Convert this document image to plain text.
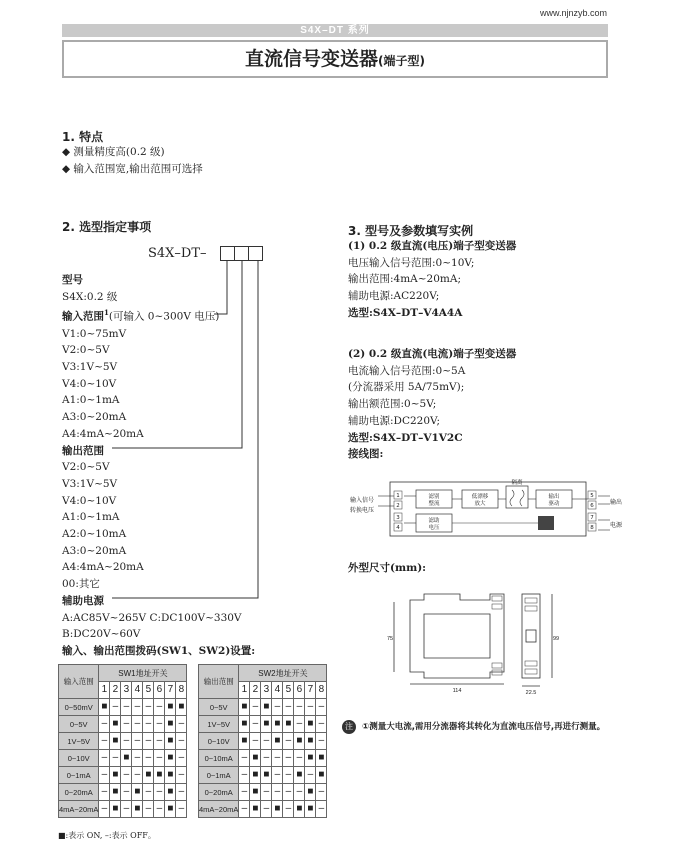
www.njnzyb.com
S4X–DT 系列
直流信号变送器(端子型)
1. 特点
◆ 测量精度高(0.2 级)
◆ 输入范围宽,输出范围可选择
2. 选型指定事项
S4X–DT–
型号
S4X:0.2 级
输入范围$^1$(可输入 0~300V 电压)
V1:0~75mV
V2:0~5V
V3:1V~5V
V4:0~10V
A1:0~1mA
A3:0~20mA
A4:4mA~20mA
输出范围
V2:0~5V
V3:1V~5V
V4:0~10V
A1:0~1mA
A2:0~10mA
A3:0~20mA
A4:4mA~20mA
00:其它
辅助电源
A:AC85V~265V C:DC100V~330V
B:DC20V~60V
输入、输出范围拨码(SW1、SW2)设置:
输入范围	SW1地址开关							
	1	2	3	4	5	6	7	8
0~50mV	■	–	–	–	–	–	■	■
0~5V	–	■	–	–	–	–	■	–
1V~5V	–	■	–	–	–	–	■	–
0~10V	–	–	■	–	–	–	■	–
0~1mA	–	■	–	–	■	■	■	–
0~20mA	–	■	–	■	–	–	■	–
4mA~20mA	–	■	–	■	–	–	■	–
输出范围	SW2地址开关							
	1	2	3	4	5	6	7	8
0~5V	■	–	■	–	–	–	–	–
1V~5V	■	–	■	■	■	–	■	–
0~10V	■	–	–	■	–	■	■	–
0~10mA	–	■	–	–	–	–	■	■
0~1mA	–	■	■	–	–	■	–	■
0~20mA	–	■	–	–	–	–	■	–
4mA~20mA	–	■	–	■	–	■	■	–
■:表示 ON, –:表示 OFF。
3. 型号及参数填写实例
(1) 0.2 级直流(电压)端子型变送器
电压输入信号范围:0~10V;
输出范围:4mA~20mA;
辅助电源:AC220V;
选型:S4X–DT–V4A4A
(2) 0.2 级直流(电流)端子型变送器
电流输入信号范围:0~5A
(分流器采用 5A/75mV);
输出额范围:0~5V;
辅助电源:DC220V;
选型:S4X–DT–V1V2C
接线图:
输入信号
转换电压
输出
电源
滤别
整流
低漂移
放大
隔离
输出
驱动
滤助
电压
1
2
3
4
5
6
7
8
外型尺寸(mm):
114
75	99
22.5
注	①测量大电流,需用分流器将其转化为直流电压信号,再进行测量。
